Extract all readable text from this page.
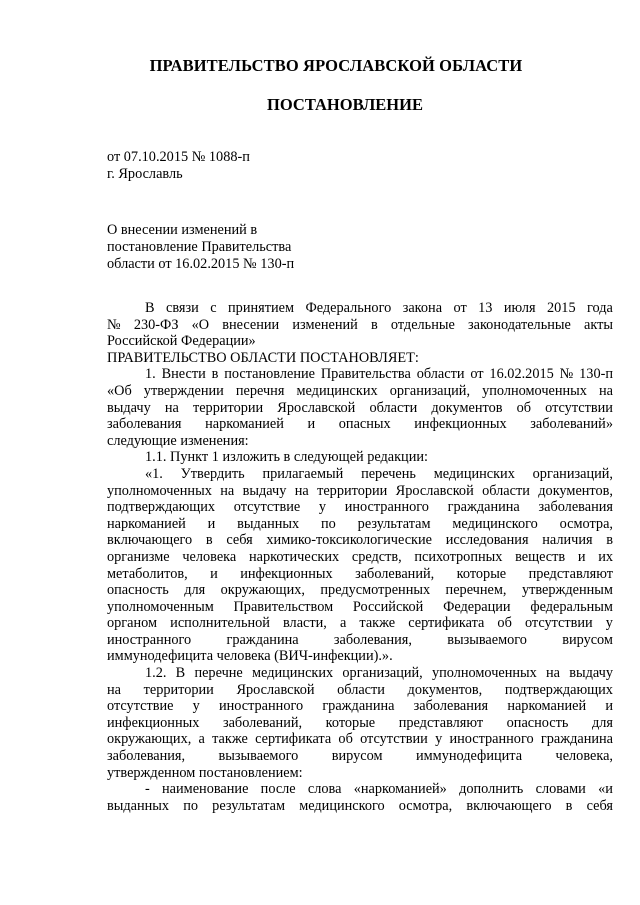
ПРАВИТЕЛЬСТВО ЯРОСЛАВСКОЙ ОБЛАСТИ
ПОСТАНОВЛЕНИЕ
от 07.10.2015 № 1088-п
г. Ярославль
О внесении изменений в
постановление Правительства
области от 16.02.2015 № 130-п
В связи с принятием Федерального закона от 13 июля 2015 года
№ 230-ФЗ «О внесении изменений в отдельные законодательные акты
Российской Федерации»
ПРАВИТЕЛЬСТВО ОБЛАСТИ ПОСТАНОВЛЯЕТ:
1. Внести в постановление Правительства области от 16.02.2015 № 130-п
«Об утверждении перечня медицинских организаций, уполномоченных на
выдачу на территории Ярославской области документов об отсутствии
заболевания наркоманией и опасных инфекционных заболеваний»
следующие изменения:
1.1. Пункт 1 изложить в следующей редакции:
«1. Утвердить прилагаемый перечень медицинских организаций,
уполномоченных на выдачу на территории Ярославской области документов,
подтверждающих отсутствие у иностранного гражданина заболевания
наркоманией и выданных по результатам медицинского осмотра,
включающего в себя химико-токсикологические исследования наличия в
организме человека наркотических средств, психотропных веществ и их
метаболитов, и инфекционных заболеваний, которые представляют
опасность для окружающих, предусмотренных перечнем, утвержденным
уполномоченным Правительством Российской Федерации федеральным
органом исполнительной власти, а также сертификата об отсутствии у
иностранного гражданина заболевания, вызываемого вирусом
иммунодефицита человека (ВИЧ-инфекции).».
1.2. В перечне медицинских организаций, уполномоченных на выдачу
на территории Ярославской области документов, подтверждающих
отсутствие у иностранного гражданина заболевания наркоманией и
инфекционных заболеваний, которые представляют опасность для
окружающих, а также сертификата об отсутствии у иностранного гражданина
заболевания, вызываемого вирусом иммунодефицита человека,
утвержденном постановлением:
- наименование после слова «наркоманией» дополнить словами «и
выданных по результатам медицинского осмотра, включающего в себя
